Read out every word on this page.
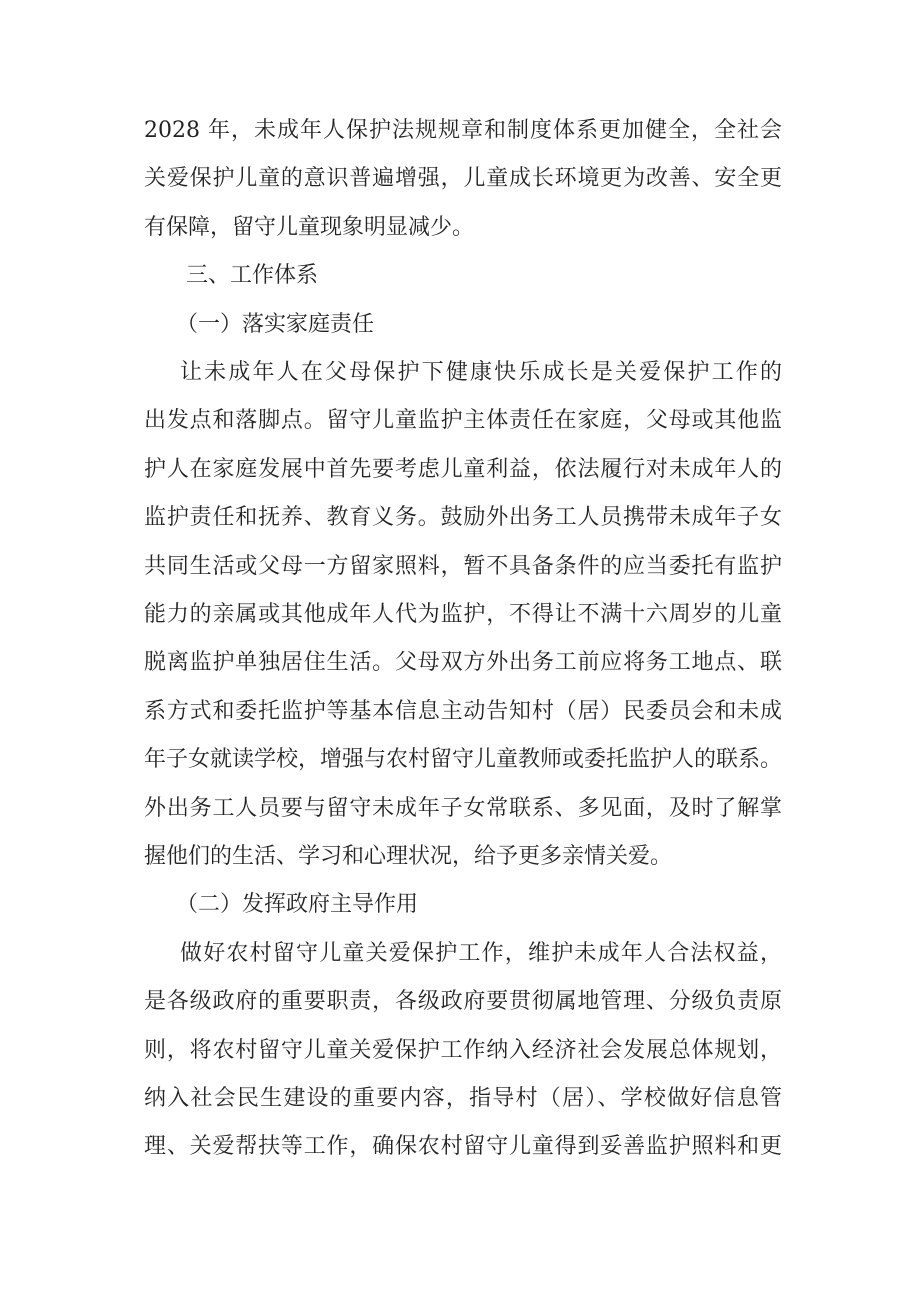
2028 年，未成年人保护法规规章和制度体系更加健全，全社会
关爱保护儿童的意识普遍增强，儿童成长环境更为改善、安全更
有保障，留守儿童现象明显减少。
三、工作体系
（一）落实家庭责任
让未成年人在父母保护下健康快乐成长是关爱保护工作的
出发点和落脚点。留守儿童监护主体责任在家庭，父母或其他监
护人在家庭发展中首先要考虑儿童利益，依法履行对未成年人的
监护责任和抚养、教育义务。鼓励外出务工人员携带未成年子女
共同生活或父母一方留家照料，暂不具备条件的应当委托有监护
能力的亲属或其他成年人代为监护，不得让不满十六周岁的儿童
脱离监护单独居住生活。父母双方外出务工前应将务工地点、联
系方式和委托监护等基本信息主动告知村（居）民委员会和未成
年子女就读学校，增强与农村留守儿童教师或委托监护人的联系。
外出务工人员要与留守未成年子女常联系、多见面，及时了解掌
握他们的生活、学习和心理状况，给予更多亲情关爱。
（二）发挥政府主导作用
做好农村留守儿童关爱保护工作，维护未成年人合法权益，
是各级政府的重要职责，各级政府要贯彻属地管理、分级负责原
则，将农村留守儿童关爱保护工作纳入经济社会发展总体规划，
纳入社会民生建设的重要内容，指导村（居）、学校做好信息管
理、关爱帮扶等工作，确保农村留守儿童得到妥善监护照料和更
